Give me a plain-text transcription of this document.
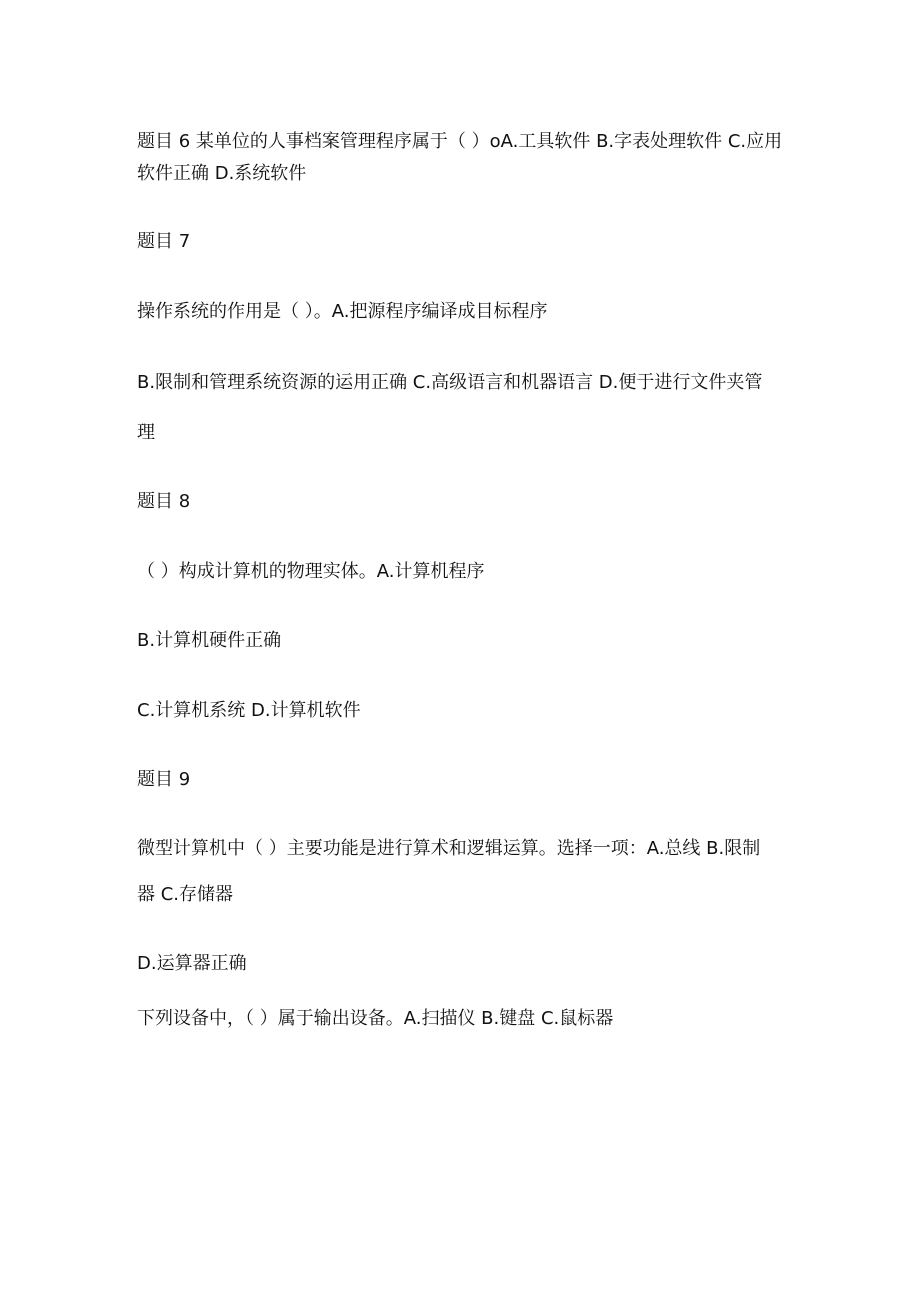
题目 6 某单位的人事档案管理程序属于（ ）oA.工具软件 B.字表处理软件 C.应用
软件正确 D.系统软件
题目 7
操作系统的作用是（ ）。A.把源程序编译成目标程序
B.限制和管理系统资源的运用正确 C.高级语言和机器语言 D.便于进行文件夹管
理
题目 8
（ ）构成计算机的物理实体。A.计算机程序
B.计算机硬件正确
C.计算机系统 D.计算机软件
题目 9
微型计算机中（ ）主要功能是进行算术和逻辑运算。选择一项：A.总线 B.限制
器 C.存储器
D.运算器正确
下列设备中，（ ）属于输出设备。A.扫描仪 B.键盘 C.鼠标器
